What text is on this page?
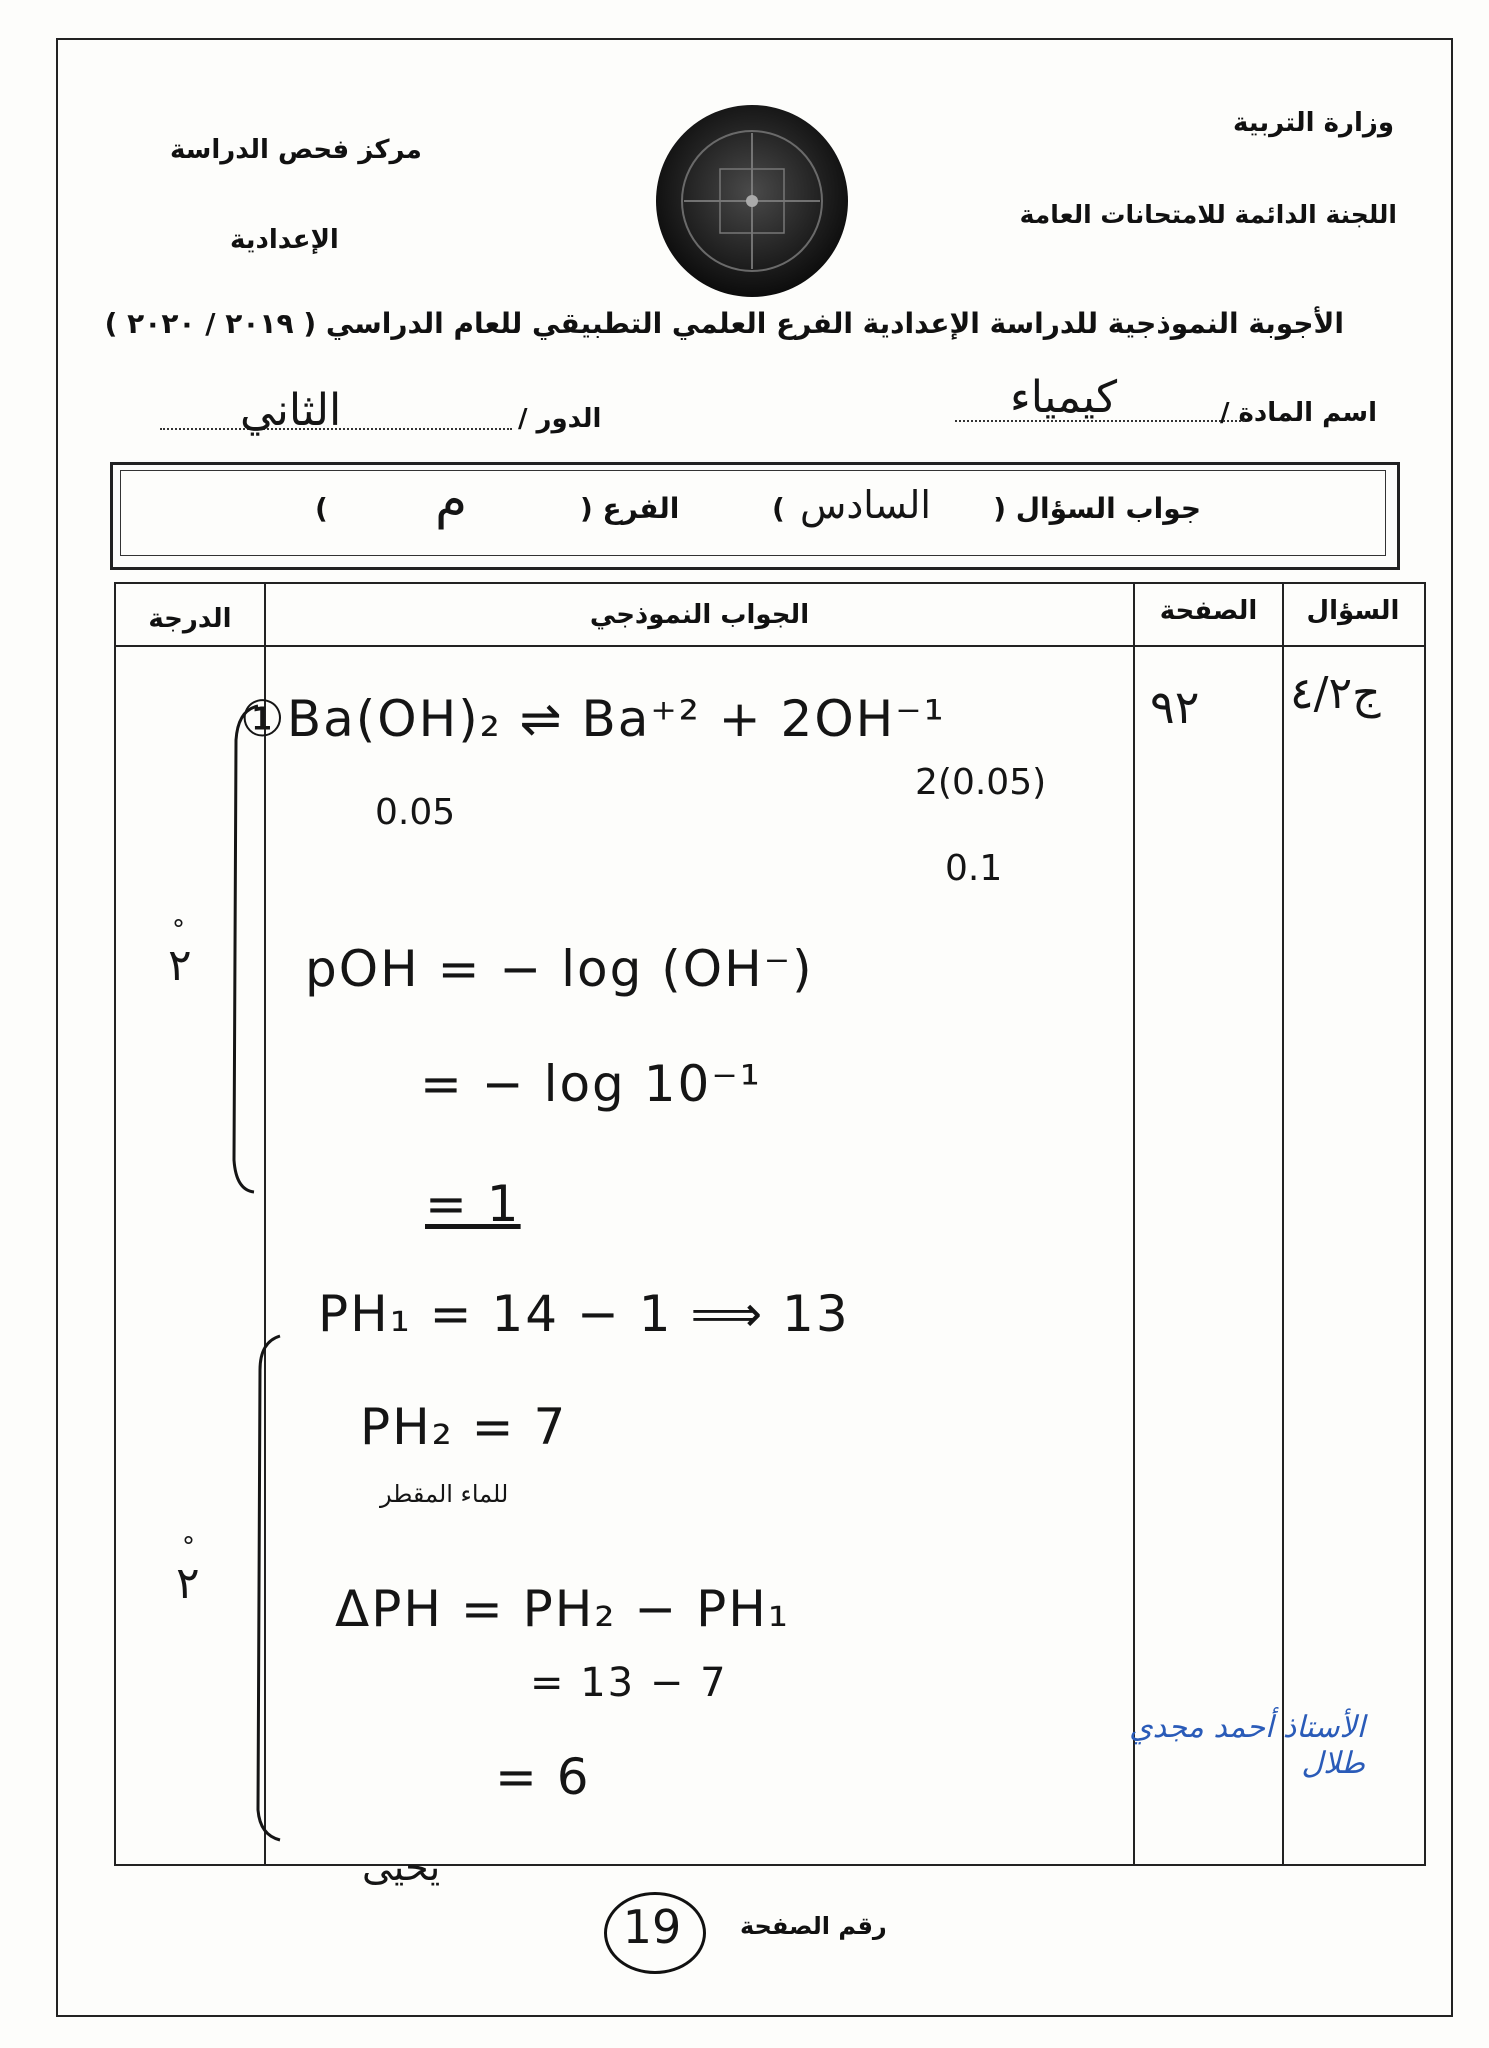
وزارة التربية
اللجنة الدائمة للامتحانات العامة
مركز فحص الدراسة
الإعدادية
الأجوبة النموذجية للدراسة الإعدادية الفرع العلمي التطبيقي للعام الدراسي ( ٢٠١٩ / ٢٠٢٠ )
اسم المادة /
كيمياء
الدور /
الثاني
جواب السؤال (
السادس
)
الفرع (
م
)
السؤال
الصفحة
الجواب النموذجي
الدرجة
ج٤/٢
٩٢
٢
°
٢
°
①Ba(OH)₂ ⇌ Ba⁺² + 2OH⁻¹
0.05
2(0.05)
0.1
pOH = − log (OH⁻)
= − log 10⁻¹
= 1
PH₁ = 14 − 1 ⟹ 13
PH₂ = 7
للماء المقطر
ΔPH = PH₂ − PH₁
= 13 − 7
= 6
الأستاذ أحمد مجدي طلال
يحيى
19	رقم الصفحة
